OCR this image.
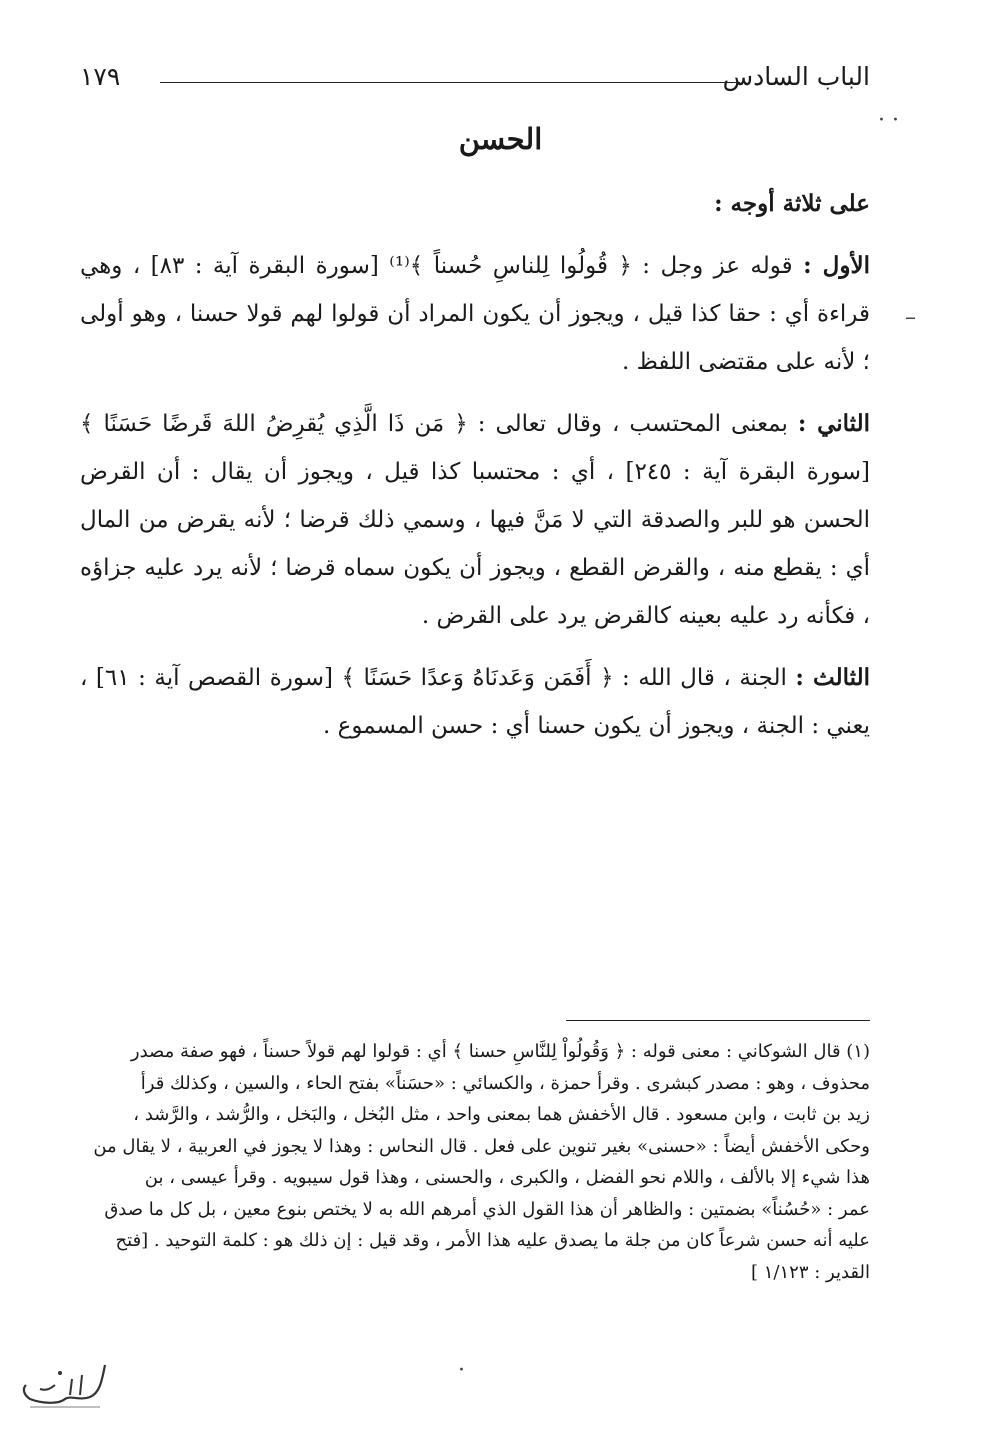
الباب السادس
١٧٩
· ·
–
الحسن

على ثلاثة أوجه :

الأول : قوله عز وجل : ﴿ قُولُوا لِلناسِ حُسناً ﴾⁽¹⁾ [سورة البقرة آية : ٨٣] ، وهي قراءة أي : حقا كذا قيل ، ويجوز أن يكون المراد أن قولوا لهم قولا حسنا ، وهو أولى ؛ لأنه على مقتضى اللفظ .

الثاني : بمعنى المحتسب ، وقال تعالى : ﴿ مَن ذَا الَّذِي يُقرِضُ اللهَ قَرضًا حَسَنًا ﴾ [سورة البقرة آية : ٢٤٥] ، أي : محتسبا كذا قيل ، ويجوز أن يقال : أن القرض الحسن هو للبر والصدقة التي لا مَنَّ فيها ، وسمي ذلك قرضا ؛ لأنه يقرض من المال أي : يقطع منه ، والقرض القطع ، ويجوز أن يكون سماه قرضا ؛ لأنه يرد عليه جزاؤه ، فكأنه رد عليه بعينه كالقرض يرد على القرض .

الثالث : الجنة ، قال الله : ﴿ أَفَمَن وَعَدنَاهُ وَعدًا حَسَنًا ﴾ [سورة القصص آية : ٦١] ، يعني : الجنة ، ويجوز أن يكون حسنا أي : حسن المسموع .

(١) قال الشوكاني : معنى قوله : ﴿ وَقُولُواْ لِلنَّاسِ حسنا ﴾ أي : قولوا لهم قولاً حسناً ، فهو صفة مصدر

محذوف ، وهو : مصدر كبشرى . وقرأ حمزة ، والكسائي : «حسَناً» بفتح الحاء ، والسين ، وكذلك قرأ

زيد بن ثابت ، وابن مسعود . قال الأخفش هما بمعنى واحد ، مثل البُخل ، والبَخل ، والرُّشد ، والرَّشد ،

وحكى الأخفش أيضاً : «حسنى» بغير تنوين على فعل . قال النحاس : وهذا لا يجوز في العربية ، لا يقال من

هذا شيء إلا بالألف ، واللام نحو الفضل ، والكبرى ، والحسنى ، وهذا قول سيبويه . وقرأ عيسى ، بن

عمر : «حُسُناً» بضمتين : والظاهر أن هذا القول الذي أمرهم الله به لا يختص بنوع معين ، بل كل ما صدق

عليه أنه حسن شرعاً كان من جلة ما يصدق عليه هذا الأمر ، وقد قيل : إن ذلك هو : كلمة التوحيد . [فتح

القدير : ١/١٢٣ ]

·
